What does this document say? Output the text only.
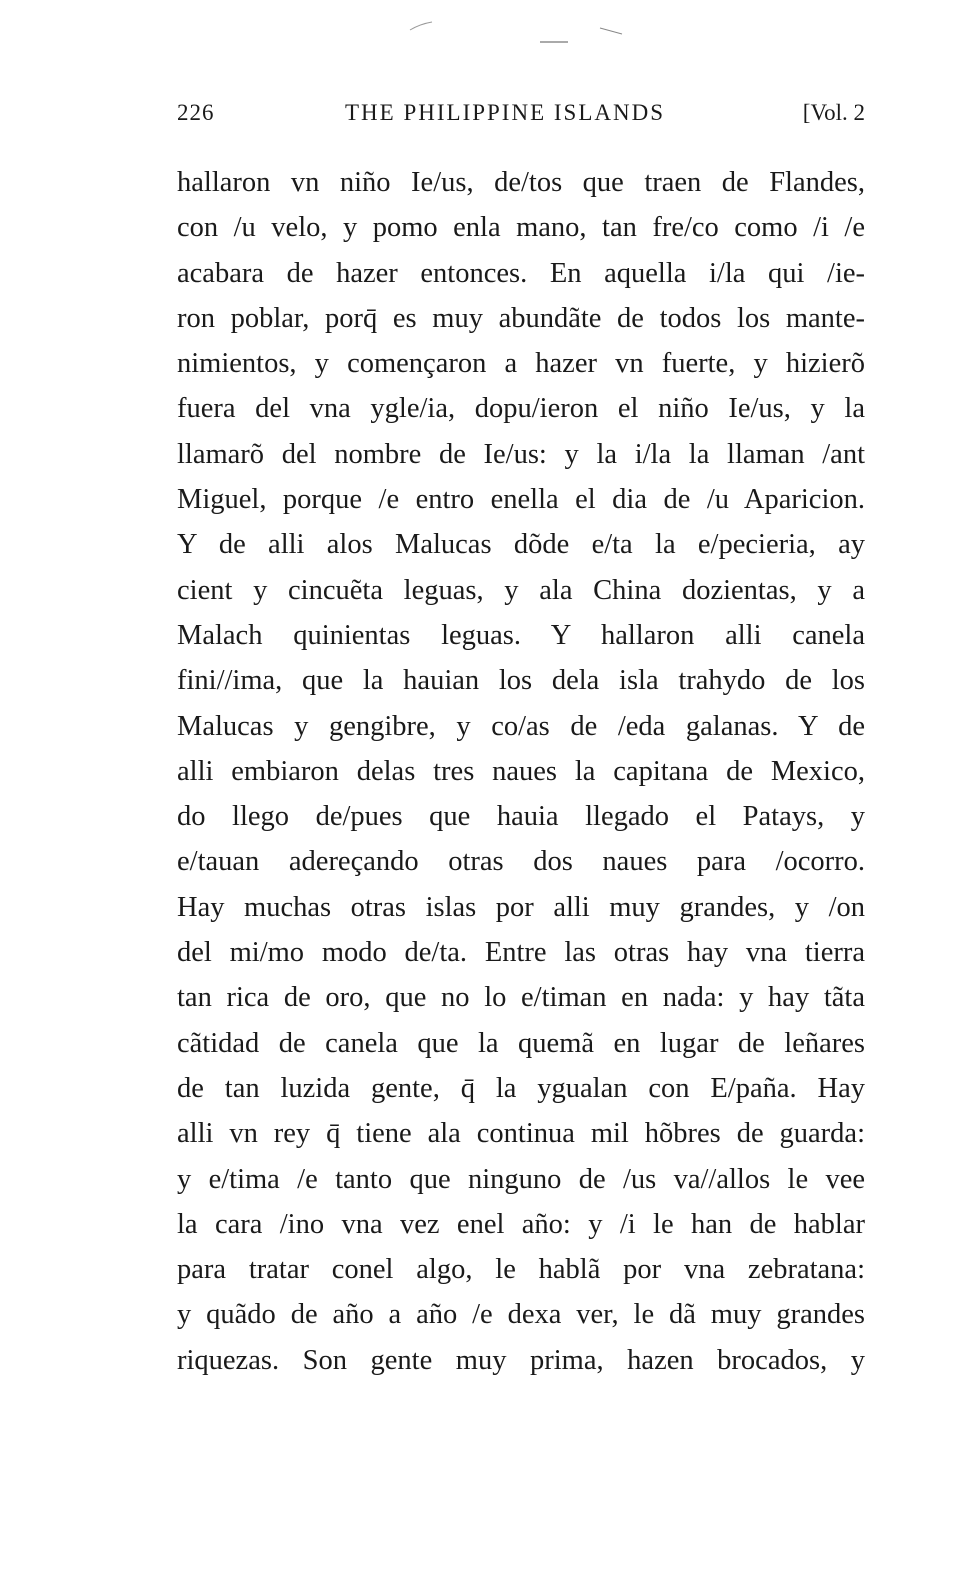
226	THE PHILIPPINE ISLANDS	[Vol. 2
hallaron vn niño Ie/us, de/tos que traen de Flandes,
con /u velo, y pomo enla mano, tan fre/co como /i /e
acabara de hazer entonces. En aquella i/la qui /ie-
ron poblar, porq̄ es muy abundãte de todos los mante-
nimientos, y començaron a hazer vn fuerte, y hizierõ
fuera del vna ygle/ia, dopu/ieron el niño Ie/us, y la
llamarõ del nombre de Ie/us: y la i/la la llaman /ant
Miguel, porque /e entro enella el dia de /u Aparicion.
Y de alli alos Malucas dõde e/ta la e/pecieria, ay
cient y cincuẽta leguas, y ala China dozientas, y a
Malach quinientas leguas. Y hallaron alli canela
fini//ima, que la hauian los dela isla trahydo de los
Malucas y gengibre, y co/as de /eda galanas. Y de
alli embiaron delas tres naues la capitana de Mexico,
do llego de/pues que hauia llegado el Patays, y
e/tauan adereçando otras dos naues para /ocorro.
Hay muchas otras islas por alli muy grandes, y /on
del mi/mo modo de/ta. Entre las otras hay vna tierra
tan rica de oro, que no lo e/timan en nada: y hay tãta
cãtidad de canela que la quemã en lugar de leñares
de tan luzida gente, q̄ la ygualan con E/paña. Hay
alli vn rey q̄ tiene ala continua mil hõbres de guarda:
y e/tima /e tanto que ninguno de /us va//allos le vee
la cara /ino vna vez enel año: y /i le han de hablar
para tratar conel algo, le hablã por vna zebratana:
y quãdo de año a año /e dexa ver, le dã muy grandes
riquezas. Son gente muy prima, hazen brocados, y
